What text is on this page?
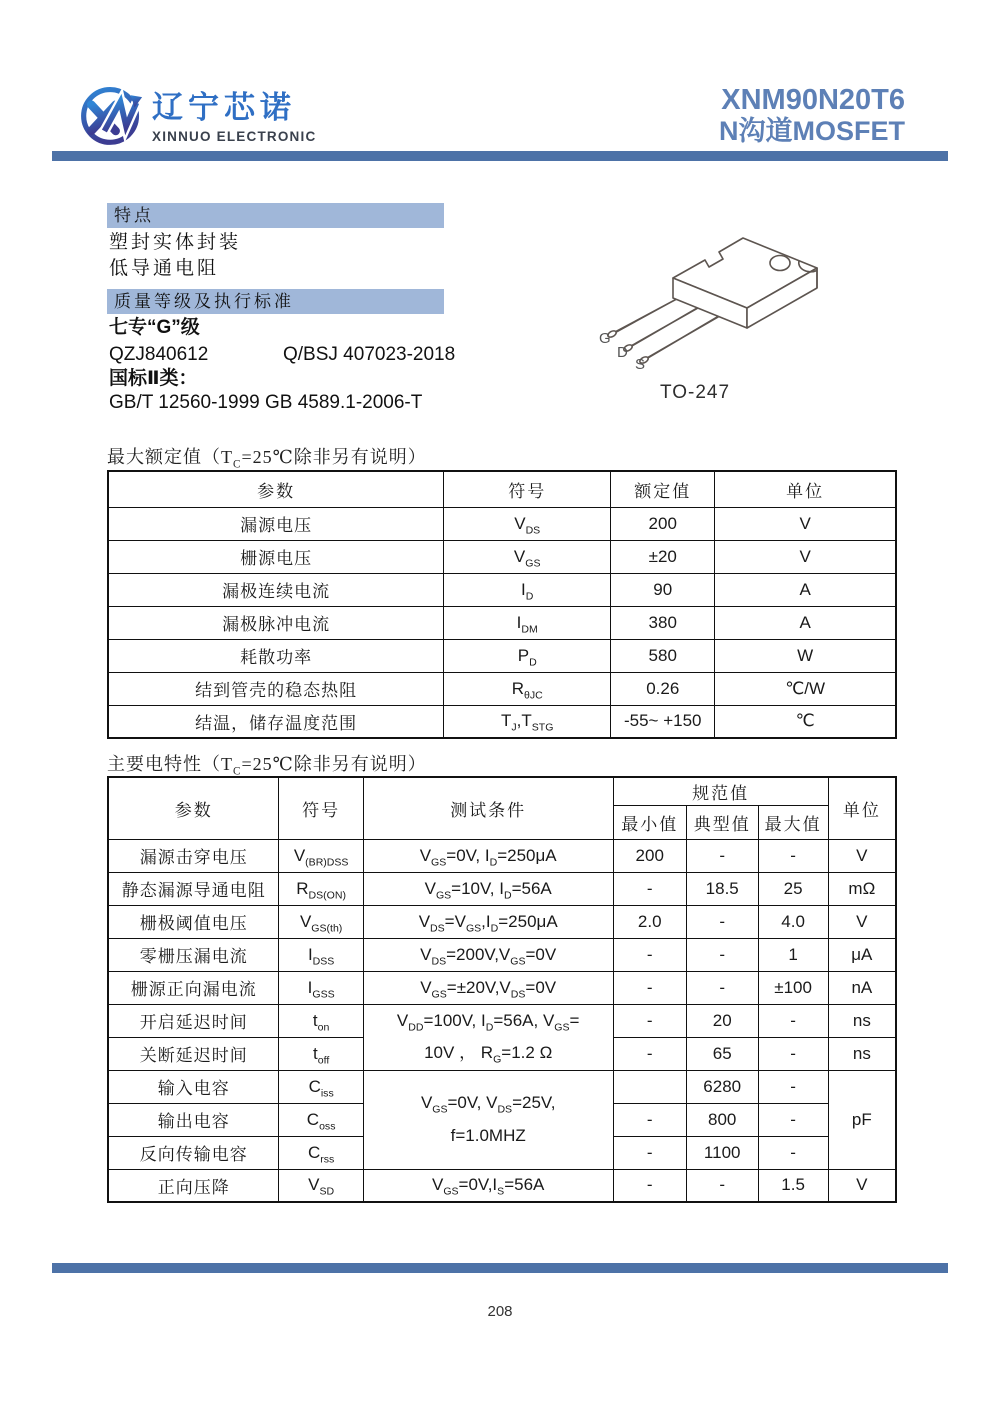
辽宁芯诺
XINNUO ELECTRONIC
XNM90N20T6
N沟道MOSFET
特点
塑封实体封装
低导通电阻
质量等级及执行标准
七专“G”级
QZJ840612	Q/BSJ 407023-2018
国标Ⅱ类：
GB/T 12560-1999 GB 4589.1-2006-T
G
D
S
TO-247
最大额定值（$T_C=25℃$除非另有说明）
参数	符号	额定值	单位
漏源电压	$V_{DS}$	200	V
栅源电压	$V_{GS}$	±20	V
漏极连续电流	$I_D$	90	A
漏极脉冲电流	$I_{DM}$	380	A
耗散功率	$P_D$	580	W
结到管壳的稳态热阻	$R_{\theta JC}$	0.26	℃/W
结温，储存温度范围	$T_J,T_{STG}$	-55~ +150	℃
主要电特性（$T_C=25℃$除非另有说明）
参数	符号	测试条件	规范值			单位
			最小值	典型值	最大值	
漏源击穿电压	$V_{(BR)DSS}$	$V_{GS}=0V$, $I_D=250\mu A$	200	-	-	V
静态漏源导通电阻	$R_{DS(ON)}$	$V_{GS}=10V$, $I_D=56A$	-	18.5	25	mΩ
栅极阈值电压	$V_{GS(th)}$	$V_{DS}=V_{GS},I_D=250\mu A$	2.0	-	4.0	V
零栅压漏电流	$I_{DSS}$	$V_{DS}=200V,V_{GS}=0V$	-	-	1	μA
栅源正向漏电流	$I_{GSS}$	$V_{GS}=\pm 20V,V_{DS}=0V$	-	-	±100	nA
开启延迟时间	$t_{on}$	$V_{DD}=100V$, $I_D=56A$, $V_{GS}=$
10V ， $R_G=1.2$ Ω	-	20	-	ns
关断延迟时间	$t_{off}$		-	65	-	ns
输入电容	$C_{iss}$	$V_{GS}=0V$, $V_{DS}=25V$,
f=1.0MHZ		6280	-	pF
输出电容	$C_{oss}$		-	800	-	
反向传输电容	$C_{rss}$		-	1100	-	
正向压降	$V_{SD}$	$V_{GS}=0V,I_S=56A$	-	-	1.5	V
208
